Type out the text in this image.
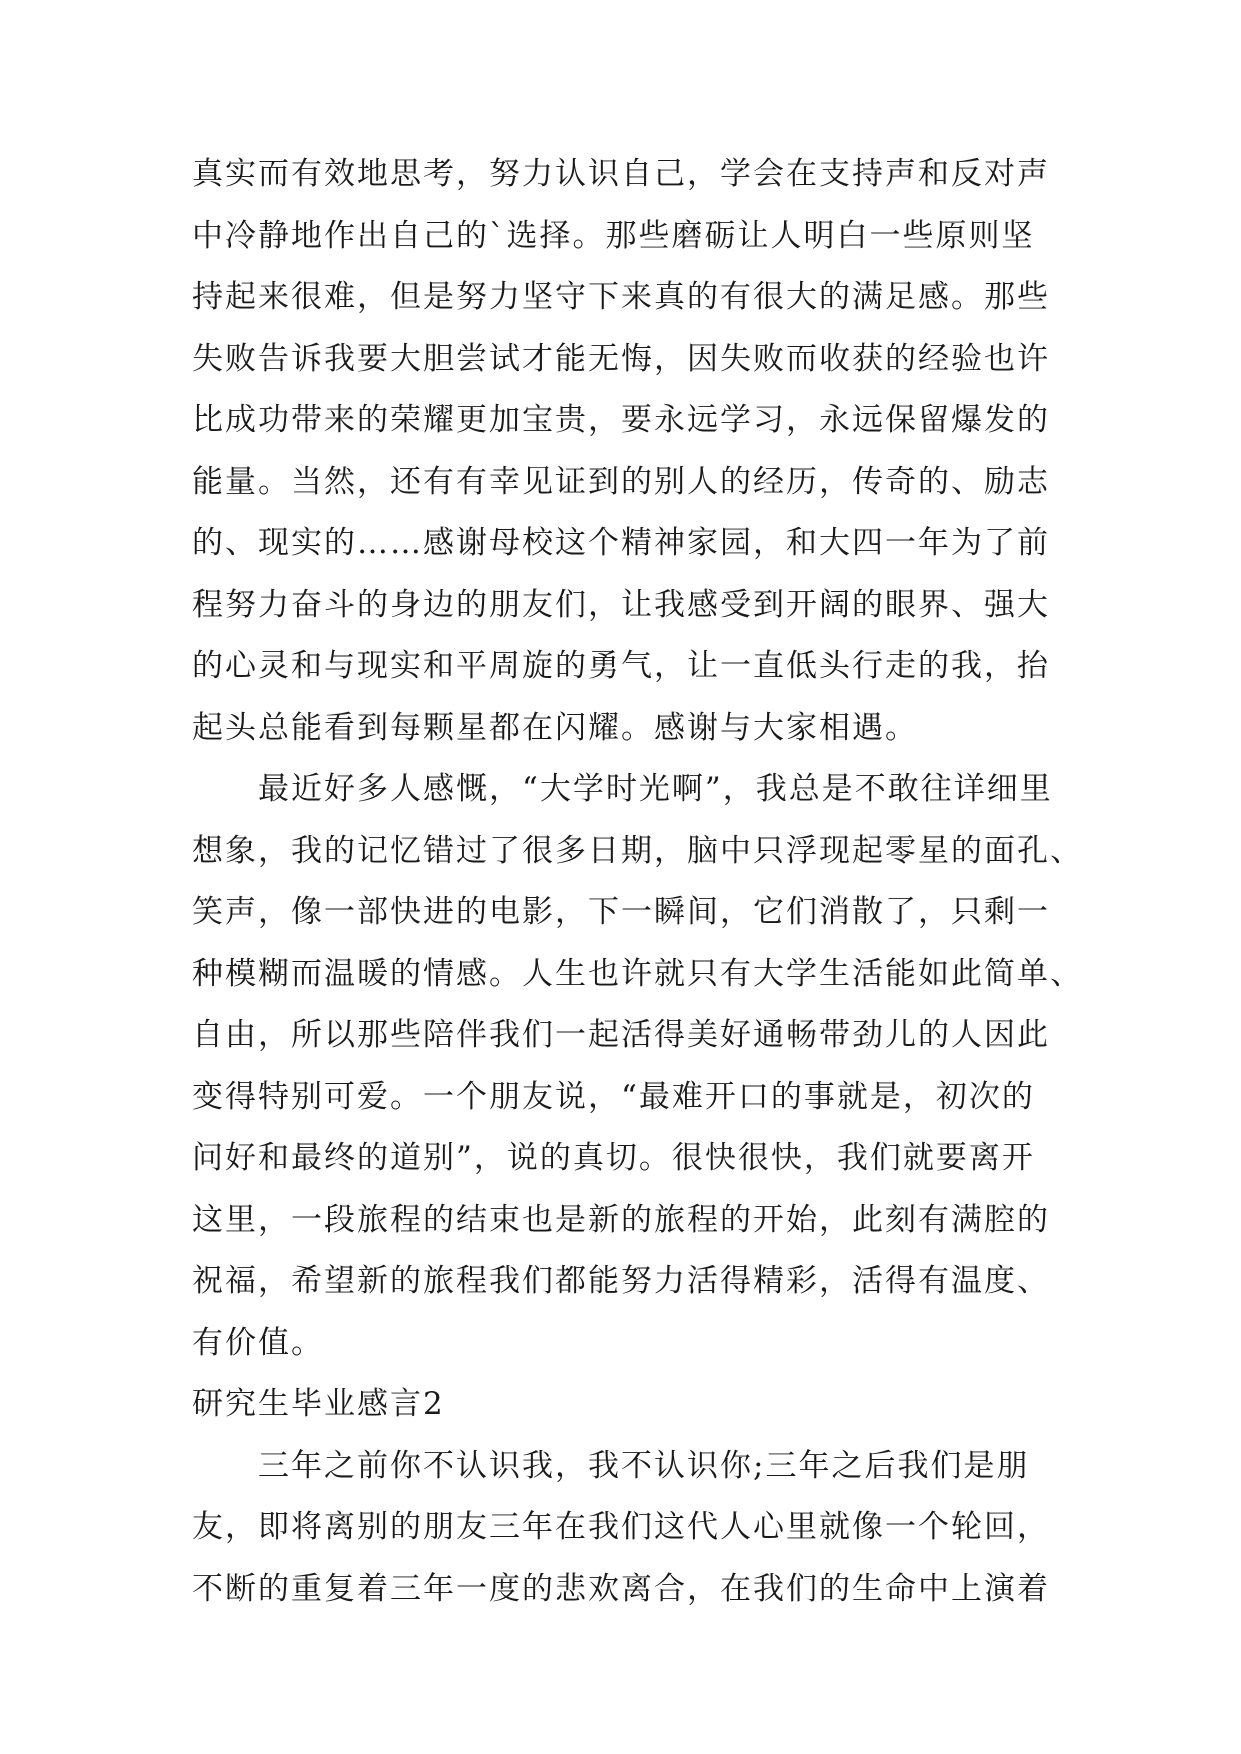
真实而有效地思考，努力认识自己，学会在支持声和反对声
中冷静地作出自己的`选择。那些磨砺让人明白一些原则坚
持起来很难，但是努力坚守下来真的有很大的满足感。那些
失败告诉我要大胆尝试才能无悔，因失败而收获的经验也许
比成功带来的荣耀更加宝贵，要永远学习，永远保留爆发的
能量。当然，还有有幸见证到的别人的经历，传奇的、励志
的、现实的……感谢母校这个精神家园，和大四一年为了前
程努力奋斗的身边的朋友们，让我感受到开阔的眼界、强大
的心灵和与现实和平周旋的勇气，让一直低头行走的我，抬
起头总能看到每颗星都在闪耀。感谢与大家相遇。
最近好多人感慨，“大学时光啊”，我总是不敢往详细里
想象，我的记忆错过了很多日期，脑中只浮现起零星的面孔、
笑声，像一部快进的电影，下一瞬间，它们消散了，只剩一
种模糊而温暖的情感。人生也许就只有大学生活能如此简单、
自由，所以那些陪伴我们一起活得美好通畅带劲儿的人因此
变得特别可爱。一个朋友说，“最难开口的事就是，初次的
问好和最终的道别”，说的真切。很快很快，我们就要离开
这里，一段旅程的结束也是新的旅程的开始，此刻有满腔的
祝福，希望新的旅程我们都能努力活得精彩，活得有温度、
有价值。
研究生毕业感言2
三年之前你不认识我，我不认识你;三年之后我们是朋
友，即将离别的朋友三年在我们这代人心里就像一个轮回，
不断的重复着三年一度的悲欢离合，在我们的生命中上演着
